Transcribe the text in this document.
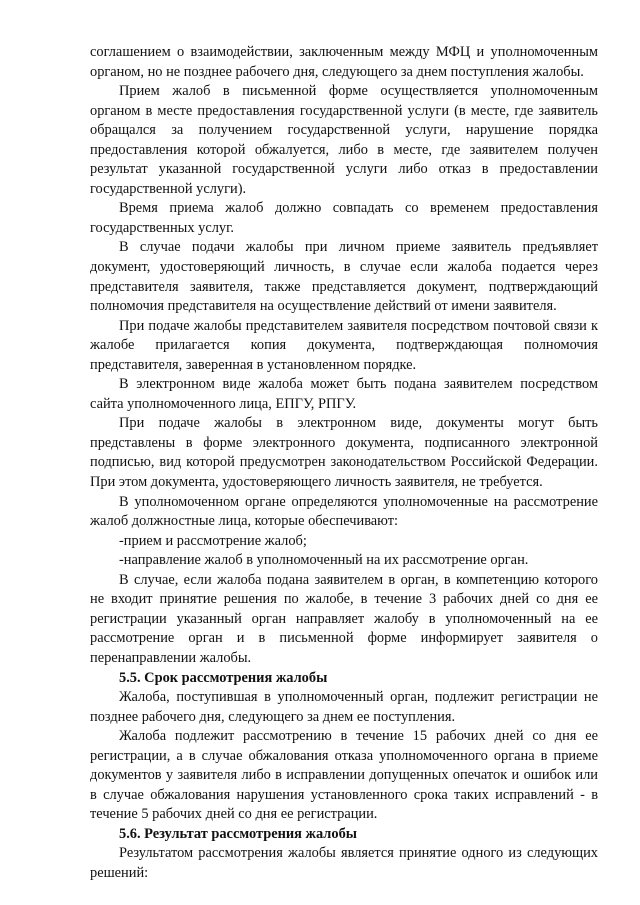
соглашением о взаимодействии, заключенным между МФЦ и уполномоченным органом, но не позднее рабочего дня, следующего за днем поступления жалобы.

Прием жалоб в письменной форме осуществляется уполномоченным органом в месте предоставления государственной услуги (в месте, где заявитель обращался за получением государственной услуги, нарушение порядка предоставления которой обжалуется, либо в месте, где заявителем получен результат указанной государственной услуги либо отказ в предоставлении государственной услуги).

Время приема жалоб должно совпадать со временем предоставления государственных услуг.

В случае подачи жалобы при личном приеме заявитель предъявляет документ, удостоверяющий личность, в случае если жалоба подается через представителя заявителя, также представляется документ, подтверждающий полномочия представителя на осуществление действий от имени заявителя.

При подаче жалобы представителем заявителя посредством почтовой связи к жалобе прилагается копия документа, подтверждающая полномочия представителя, заверенная в установленном порядке.

В электронном виде жалоба может быть подана заявителем посредством сайта уполномоченного лица, ЕПГУ, РПГУ.

При подаче жалобы в электронном виде, документы могут быть представлены в форме электронного документа, подписанного электронной подписью, вид которой предусмотрен законодательством Российской Федерации. При этом документа, удостоверяющего личность заявителя, не требуется.

В уполномоченном органе определяются уполномоченные на рассмотрение жалоб должностные лица, которые обеспечивают:

-прием и рассмотрение жалоб;

-направление жалоб в уполномоченный на их рассмотрение орган.

В случае, если жалоба подана заявителем в орган, в компетенцию которого не входит принятие решения по жалобе, в течение 3 рабочих дней со дня ее регистрации указанный орган направляет жалобу в уполномоченный на ее рассмотрение орган и в письменной форме информирует заявителя о перенаправлении жалобы.

5.5. Срок рассмотрения жалобы

Жалоба, поступившая в уполномоченный орган, подлежит регистрации не позднее рабочего дня, следующего за днем ее поступления.

Жалоба подлежит рассмотрению в течение 15 рабочих дней со дня ее регистрации, а в случае обжалования отказа уполномоченного органа в приеме документов у заявителя либо в исправлении допущенных опечаток и ошибок или в случае обжалования нарушения установленного срока таких исправлений - в течение 5 рабочих дней со дня ее регистрации.

5.6. Результат рассмотрения жалобы

Результатом рассмотрения жалобы является принятие одного из следующих решений:
